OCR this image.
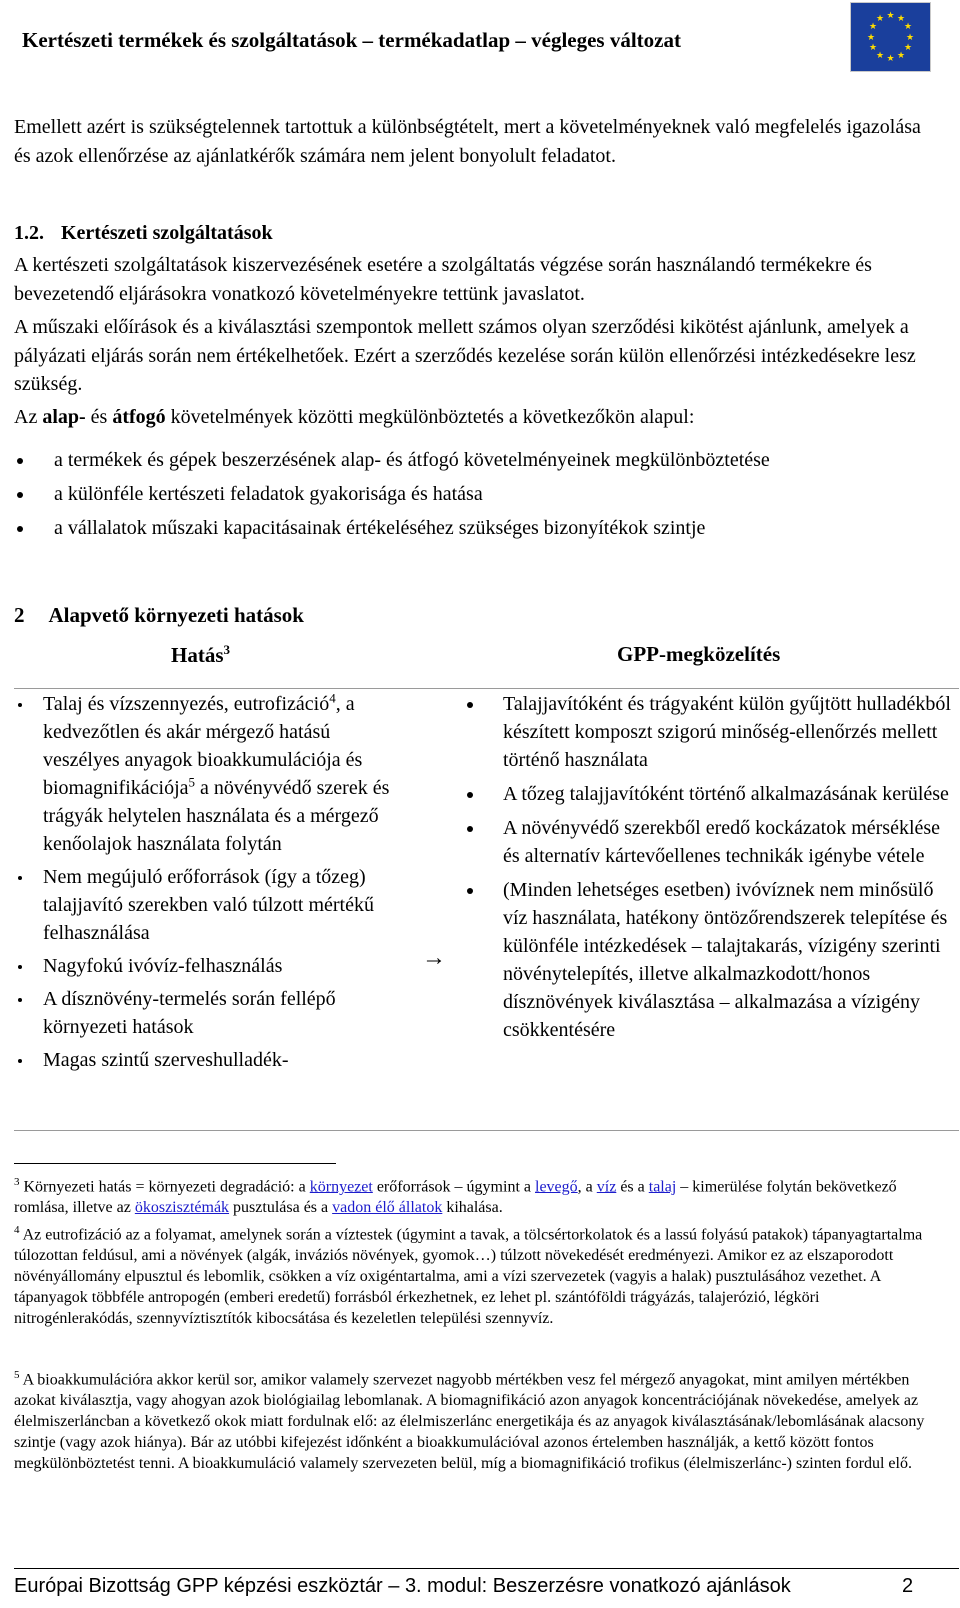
Kertészeti termékek és szolgáltatások – termékadatlap – végleges változat
★ ★
★
★
★
★
★
★
★
★
★
★

Emellett azért is szükségtelennek tartottuk a különbségtételt, mert a követelményeknek való megfelelés igazolása és azok ellenőrzése az ajánlatkérők számára nem jelent bonyolult feladatot.

1.2. Kertészeti szolgáltatások

A kertészeti szolgáltatások kiszervezésének esetére a szolgáltatás végzése során használandó termékekre és bevezetendő eljárásokra vonatkozó követelményekre tettünk javaslatot.

A műszaki előírások és a kiválasztási szempontok mellett számos olyan szerződési kikötést ajánlunk, amelyek a pályázati eljárás során nem értékelhetőek. Ezért a szerződés kezelése során külön ellenőrzési intézkedésekre lesz szükség.

Az alap- és átfogó követelmények közötti megkülönböztetés a következőkön alapul:

a termékek és gépek beszerzésének alap- és átfogó követelményeinek megkülönböztetése
a különféle kertészeti feladatok gyakorisága és hatása
a vállalatok műszaki kapacitásainak értékeléséhez szükséges bizonyítékok szintje
2 Alapvető környezeti hatások
Hatás$^3$	GPP-megközelítés
Talaj és vízszennyezés, eutrofizáció$^4$, a kedvezőtlen és akár mérgező hatású veszélyes anyagok bioakkumulációja és biomagnifikációja$^5$ a növényvédő szerek és trágyák helytelen használata és a mérgező kenőolajok használata folytán
Nem megújuló erőforrások (így a tőzeg) talajjavító szerekben való túlzott mértékű felhasználása
Nagyfokú ivóvíz-felhasználás
A dísznövény-termelés során fellépő környezeti hatások
Magas szintű szerveshulladék-
→
Talajjavítóként és trágyaként külön gyűjtött hulladékból készített komposzt szigorú minőség-ellenőrzés mellett történő használata
A tőzeg talajjavítóként történő alkalmazásának kerülése
A növényvédő szerekből eredő kockázatok mérséklése és alternatív kártevőellenes technikák igénybe vétele
(Minden lehetséges esetben) ivóvíznek nem minősülő víz használata, hatékony öntözőrendszerek telepítése és különféle intézkedések – talajtakarás, vízigény szerinti növénytelepítés, illetve alkalmazkodott/honos dísznövények kiválasztása – alkalmazása a vízigény csökkentésére

$^3$ Környezeti hatás = környezeti degradáció: a környezet erőforrások – úgymint a levegő, a víz és a talaj – kimerülése folytán bekövetkező romlása, illetve az ökoszisztémák pusztulása és a vadon élő állatok kihalása.

$^4$ Az eutrofizáció az a folyamat, amelynek során a víztestek (úgymint a tavak, a tölcsértorkolatok és a lassú folyású patakok) tápanyagtartalma túlozottan feldúsul, ami a növények (algák, inváziós növények, gyomok…) túlzott növekedését eredményezi. Amikor ez az elszaporodott növényállomány elpusztul és lebomlik, csökken a víz oxigéntartalma, ami a vízi szervezetek (vagyis a halak) pusztulásához vezethet. A tápanyagok többféle antropogén (emberi eredetű) forrásból érkezhetnek, ez lehet pl. szántóföldi trágyázás, talajerózió, légköri nitrogénlerakódás, szennyvíztisztítók kibocsátása és kezeletlen települési szennyvíz.

$^5$ A bioakkumulációra akkor kerül sor, amikor valamely szervezet nagyobb mértékben vesz fel mérgező anyagokat, mint amilyen mértékben azokat kiválasztja, vagy ahogyan azok biológiailag lebomlanak. A biomagnifikáció azon anyagok koncentrációjának növekedése, amelyek az élelmiszerláncban a következő okok miatt fordulnak elő: az élelmiszerlánc energetikája és az anyagok kiválasztásának/lebomlásának alacsony szintje (vagy azok hiánya). Bár az utóbbi kifejezést időnként a bioakkumulációval azonos értelemben használják, a kettő között fontos megkülönböztetést tenni. A bioakkumuláció valamely szervezeten belül, míg a biomagnifikáció trofikus (élelmiszerlánc-) szinten fordul elő.

Európai Bizottság GPP képzési eszköztár – 3. modul: Beszerzésre vonatkozó ajánlások	2
